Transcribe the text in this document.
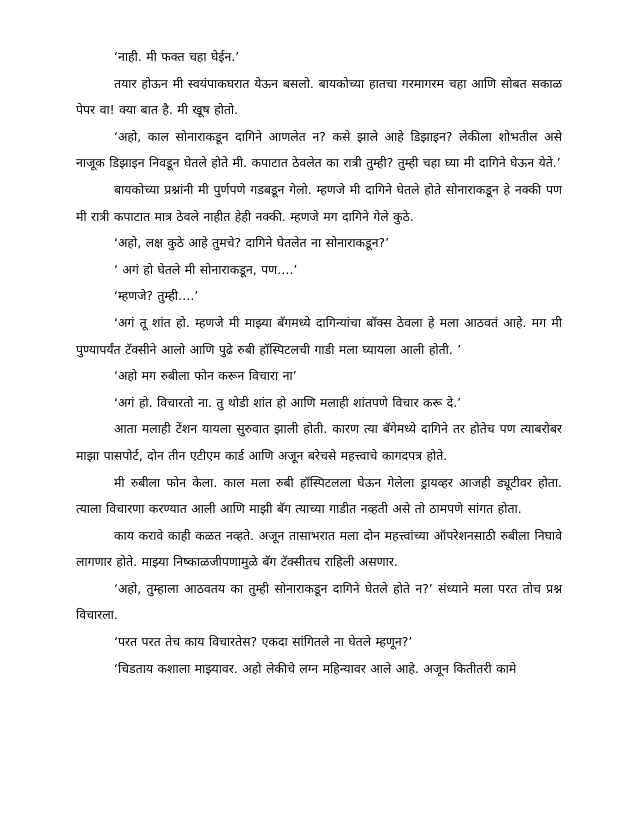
‘नाही. मी फक्त चहा घेईन.’

तयार होऊन मी स्वयंपाकघरात येऊन बसलो. बायकोच्या हातचा गरमागरम चहा आणि सोबत सकाळ पेपर वा! क्या बात है. मी खूष होतो.

‘अहो, काल सोनाराकडून दागिने आणलेत न? कसे झाले आहे डिझाइन? लेकीला शोभतील असे नाजूक डिझाइन निवडून घेतले होते मी. कपाटात ठेवलेत का रात्री तुम्ही? तुम्ही चहा घ्या मी दागिने घेऊन येते.’

बायकोच्या प्रश्नांनी मी पुर्णपणे गडबडून गेलो. म्हणजे मी दागिने घेतले होते सोनाराकडून हे नक्की पण मी रात्री कपाटात मात्र ठेवले नाहीत हेही नक्की. म्हणजे मग दागिने गेले कुठे.

‘अहो, लक्ष कुठे आहे तुमचे? दागिने घेतलेत ना सोनाराकडून?’

‘ अगं हो घेतले मी सोनाराकडून, पण….’

‘म्हणजे? तुम्ही….’

‘अगं तू शांत हो. म्हणजे मी माझ्या बॅगमध्ये दागिन्यांचा बॉक्स ठेवला हे मला आठवतं आहे. मग मी पुण्यापर्यंत टॅक्सीने आलो आणि पुढे रुबी हॉस्पिटलची गाडी मला घ्यायला आली होती. ’

‘अहो मग रुबीला फोन करून विचारा ना’

‘अगं हो. विचारतो ना. तु थोडी शांत हो आणि मलाही शांतपणे विचार करू दे.’

आता मलाही टेंशन यायला सुरुवात झाली होती. कारण त्या बॅगेमध्ये दागिने तर होतेच पण त्याबरोबर माझा पासपोर्ट, दोन तीन एटीएम कार्ड आणि अजून बरेचसे महत्त्वाचे कागदपत्र होते.

मी रुबीला फोन केला. काल मला रुबी हॉस्पिटलला घेऊन गेलेला ड्रायव्हर आजही ड्यूटीवर होता. त्याला विचारणा करण्यात आली आणि माझी बॅग त्याच्या गाडीत नव्हती असे तो ठामपणे सांगत होता.

काय करावे काही कळत नव्हते. अजून तासाभरात मला दोन महत्त्वांच्या ऑपरेशनसाठी रुबीला निघावे लागणार होते. माझ्या निष्काळजीपणामुळे बॅग टॅक्सीतच राहिली असणार.

‘अहो, तुम्हाला आठवतय का तुम्ही सोनाराकडून दागिने घेतले होते न?’ संध्याने मला परत तोच प्रश्न विचारला.

‘परत परत तेच काय विचारतेस? एकदा सांगितले ना घेतले म्हणून?’

‘चिडताय कशाला माझ्यावर. अहो लेकीचे लग्न महिन्यावर आले आहे. अजून कितीतरी कामे
